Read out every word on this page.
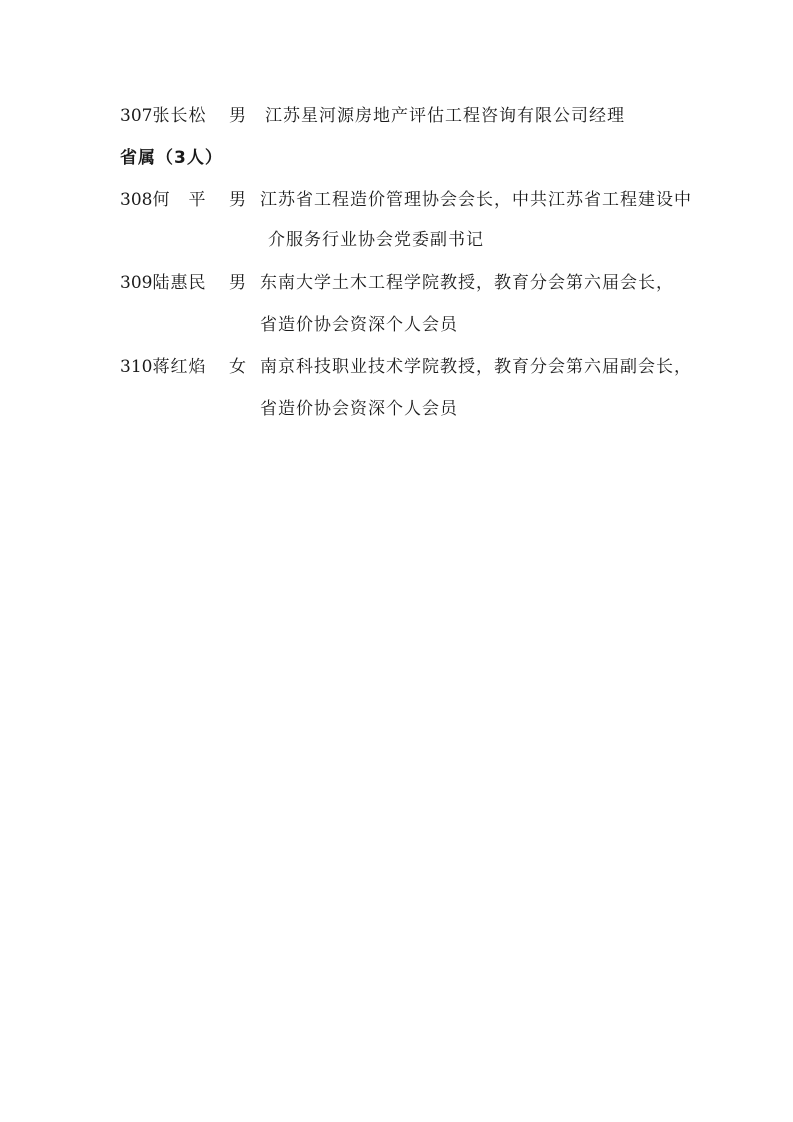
307张长松 男 江苏星河源房地产评估工程咨询有限公司经理
省属（3人）
308何　平 男 江苏省工程造价管理协会会长，中共江苏省工程建设中
介服务行业协会党委副书记
309陆惠民 男 东南大学土木工程学院教授，教育分会第六届会长，
省造价协会资深个人会员
310蒋红焰 女 南京科技职业技术学院教授，教育分会第六届副会长，
省造价协会资深个人会员
